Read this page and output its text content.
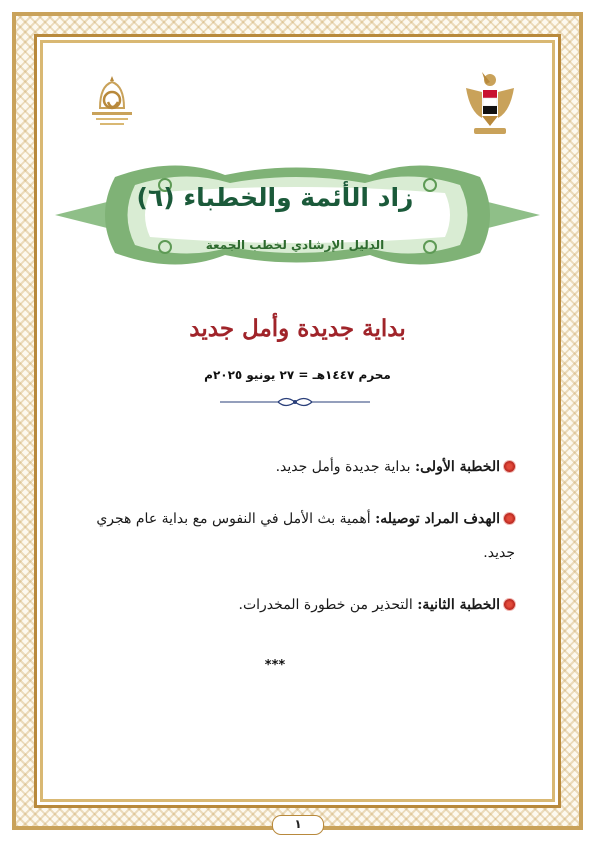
زاد الأئمة والخطباء (٦)
الدليل الإرشادي لخطب الجمعة
بداية جديدة وأمل جديد
محرم ١٤٤٧هـ = ٢٧ يونيو ٢٠٢٥م

الخطبة الأولى: بداية جديدة وأمل جديد.

الهدف المراد توصيله: أهمية بث الأمل في النفوس مع بداية عام هجري جديد.

الخطبة الثانية: التحذير من خطورة المخدرات.

***
١
